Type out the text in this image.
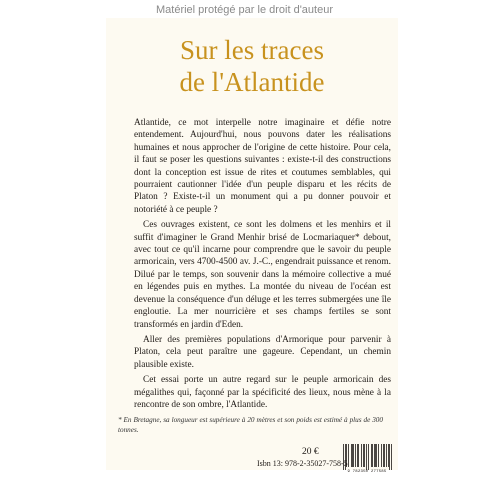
Matériel protégé par le droit d'auteur
Sur les traces
de l'Atlantide

Atlantide, ce mot interpelle notre imaginaire et défie notre entendement. Aujourd'hui, nous pouvons dater les réalisations humaines et nous approcher de l'origine de cette histoire. Pour cela, il faut se poser les questions suivantes : existe-t-il des constructions dont la conception est issue de rites et coutumes semblables, qui pourraient cautionner l'idée d'un peuple disparu et les récits de Platon ? Existe-t-il un monument qui a pu donner pouvoir et notoriété à ce peuple ?

Ces ouvrages existent, ce sont les dolmens et les menhirs et il suffit d'imaginer le Grand Menhir brisé de Locmariaquer* debout, avec tout ce qu'il incarne pour comprendre que le savoir du peuple armoricain, vers 4700-4500 av. J.-C., engendrait puissance et renom. Dilué par le temps, son souvenir dans la mémoire collective a mué en légendes puis en mythes. La montée du niveau de l'océan est devenue la conséquence d'un déluge et les terres submergées une île engloutie. La mer nourricière et ses champs fertiles se sont transformés en jardin d'Eden.

Aller des premières populations d'Armorique pour parvenir à Platon, cela peut paraître une gageure. Cependant, un chemin plausible existe.

Cet essai porte un autre regard sur le peuple armoricain des mégalithes qui, façonné par la spécificité des lieux, nous mène à la rencontre de son ombre, l'Atlantide.

* En Bretagne, sa longueur est supérieure à 20 mètres et son poids est estimé à plus de 300 tonnes.
20 €
Isbn 13: 978-2-35027-758-5
9 782350 277585
